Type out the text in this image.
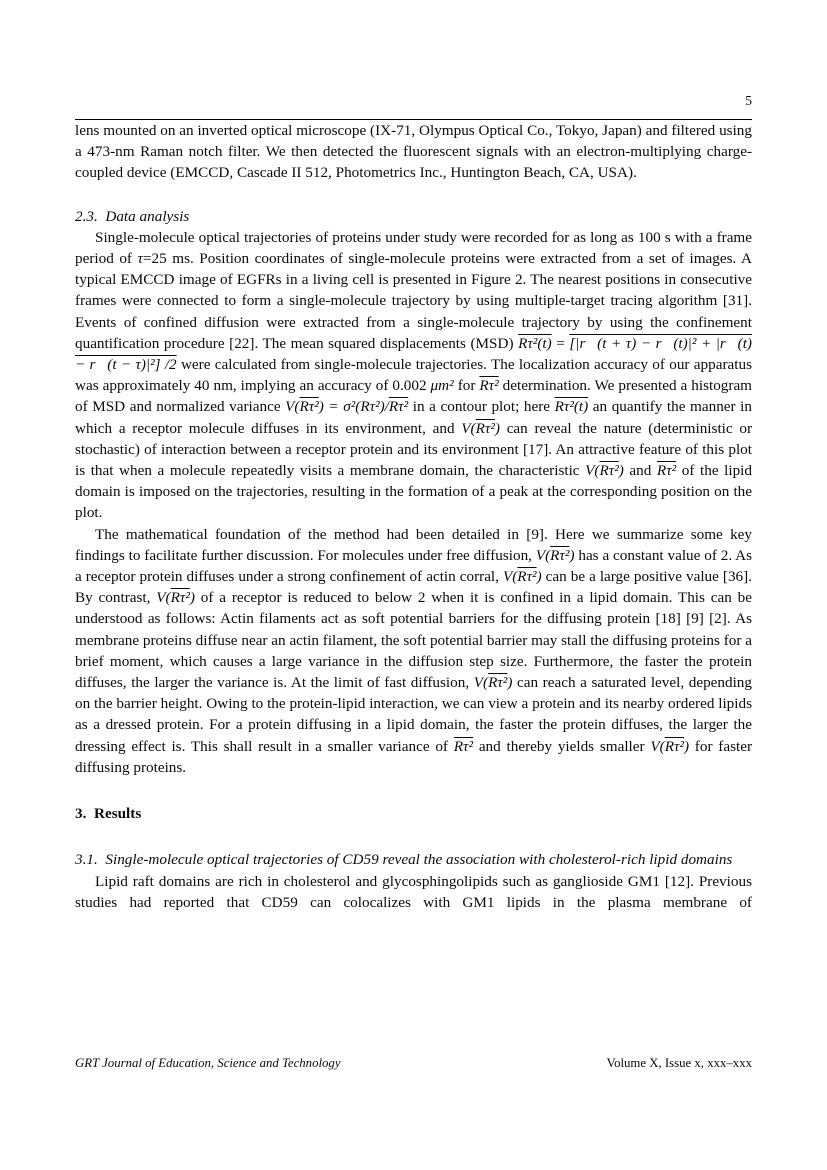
5

lens mounted on an inverted optical microscope (IX-71, Olympus Optical Co., Tokyo, Japan) and filtered using a 473-nm Raman notch filter. We then detected the fluorescent signals with an electron-multiplying charge-coupled device (EMCCD, Cascade II 512, Photometrics Inc., Huntington Beach, CA, USA).

2.3. Data analysis

Single-molecule optical trajectories of proteins under study were recorded for as long as 100 s with a frame period of τ=25 ms. Position coordinates of single-molecule proteins were extracted from a set of images. A typical EMCCD image of EGFRs in a living cell is presented in Figure 2. The nearest positions in consecutive frames were connected to form a single-molecule trajectory by using multiple-target tracing algorithm [31]. Events of confined diffusion were extracted from a single-molecule trajectory by using the confinement quantification procedure [22]. The mean squared displacements (MSD) Rτ²(t) = [|r⃗(t + τ) − r⃗(t)|² + |r⃗(t) − r⃗(t − τ)|²] /2 were calculated from single-molecule trajectories. The localization accuracy of our apparatus was approximately 40 nm, implying an accuracy of 0.002 μm² for Rτ² determination. We presented a histogram of MSD and normalized variance V(Rτ²) = σ²(Rτ²)/Rτ² in a contour plot; here Rτ²(t) an quantify the manner in which a receptor molecule diffuses in its environment, and V(Rτ²) can reveal the nature (deterministic or stochastic) of interaction between a receptor protein and its environment [17]. An attractive feature of this plot is that when a molecule repeatedly visits a membrane domain, the characteristic V(Rτ²) and Rτ² of the lipid domain is imposed on the trajectories, resulting in the formation of a peak at the corresponding position on the plot.

The mathematical foundation of the method had been detailed in [9]. Here we summarize some key findings to facilitate further discussion. For molecules under free diffusion, V(Rτ²) has a constant value of 2. As a receptor protein diffuses under a strong confinement of actin corral, V(Rτ²) can be a large positive value [36]. By contrast, V(Rτ²) of a receptor is reduced to below 2 when it is confined in a lipid domain. This can be understood as follows: Actin filaments act as soft potential barriers for the diffusing protein [18] [9] [2]. As membrane proteins diffuse near an actin filament, the soft potential barrier may stall the diffusing proteins for a brief moment, which causes a large variance in the diffusion step size. Furthermore, the faster the protein diffuses, the larger the variance is. At the limit of fast diffusion, V(Rτ²) can reach a saturated level, depending on the barrier height. Owing to the protein-lipid interaction, we can view a protein and its nearby ordered lipids as a dressed protein. For a protein diffusing in a lipid domain, the faster the protein diffuses, the larger the dressing effect is. This shall result in a smaller variance of Rτ² and thereby yields smaller V(Rτ²) for faster diffusing proteins.

3. Results
3.1. Single-molecule optical trajectories of CD59 reveal the association with cholesterol-rich lipid domains

Lipid raft domains are rich in cholesterol and glycosphingolipids such as ganglioside GM1 [12]. Previous studies had reported that CD59 can colocalizes with GM1 lipids in the plasma membrane of

GRT Journal of Education, Science and Technology	Volume X, Issue x, xxx–xxx
